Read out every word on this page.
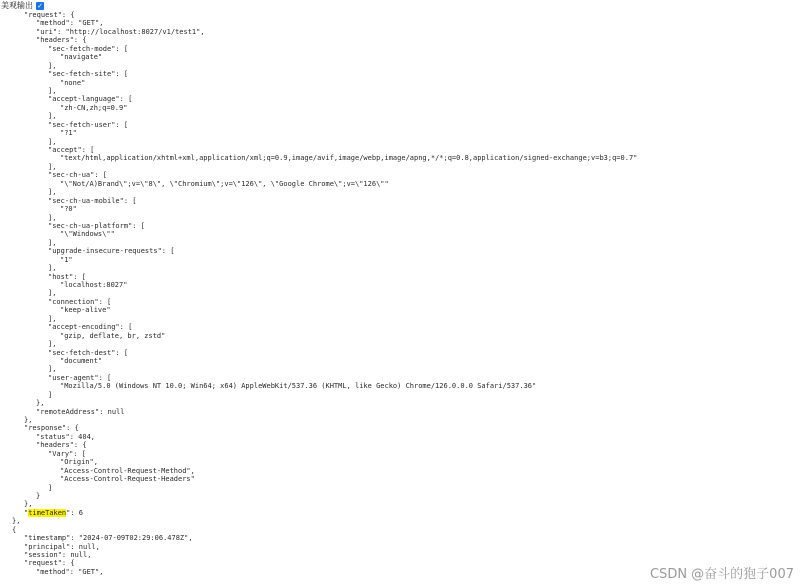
美观输出 ✓
"request": {
"method": "GET",
"uri": "http://localhost:8027/v1/test1",
"headers": {
"sec-fetch-mode": [
"navigate"
],
"sec-fetch-site": [
"none"
],
"accept-language": [
"zh-CN,zh;q=0.9"
],
"sec-fetch-user": [
"?1"
],
"accept": [
"text/html,application/xhtml+xml,application/xml;q=0.9,image/avif,image/webp,image/apng,*/*;q=0.8,application/signed-exchange;v=b3;q=0.7"
],
"sec-ch-ua": [
"\"Not/A)Brand\";v=\"8\", \"Chromium\";v=\"126\", \"Google Chrome\";v=\"126\""
],
"sec-ch-ua-mobile": [
"?0"
],
"sec-ch-ua-platform": [
"\"Windows\""
],
"upgrade-insecure-requests": [
"1"
],
"host": [
"localhost:8027"
],
"connection": [
"keep-alive"
],
"accept-encoding": [
"gzip, deflate, br, zstd"
],
"sec-fetch-dest": [
"document"
],
"user-agent": [
"Mozilla/5.0 (Windows NT 10.0; Win64; x64) AppleWebKit/537.36 (KHTML, like Gecko) Chrome/126.0.0.0 Safari/537.36"
]
},
"remoteAddress": null
},
"response": {
"status": 404,
"headers": {
"Vary": [
"Origin",
"Access-Control-Request-Method",
"Access-Control-Request-Headers"
]
}
},
"timeTaken": 6
},
{
"timestamp": "2024-07-09T02:29:06.478Z",
"principal": null,
"session": null,
"request": {
"method": "GET",	CSDN @奋斗的狍子007
